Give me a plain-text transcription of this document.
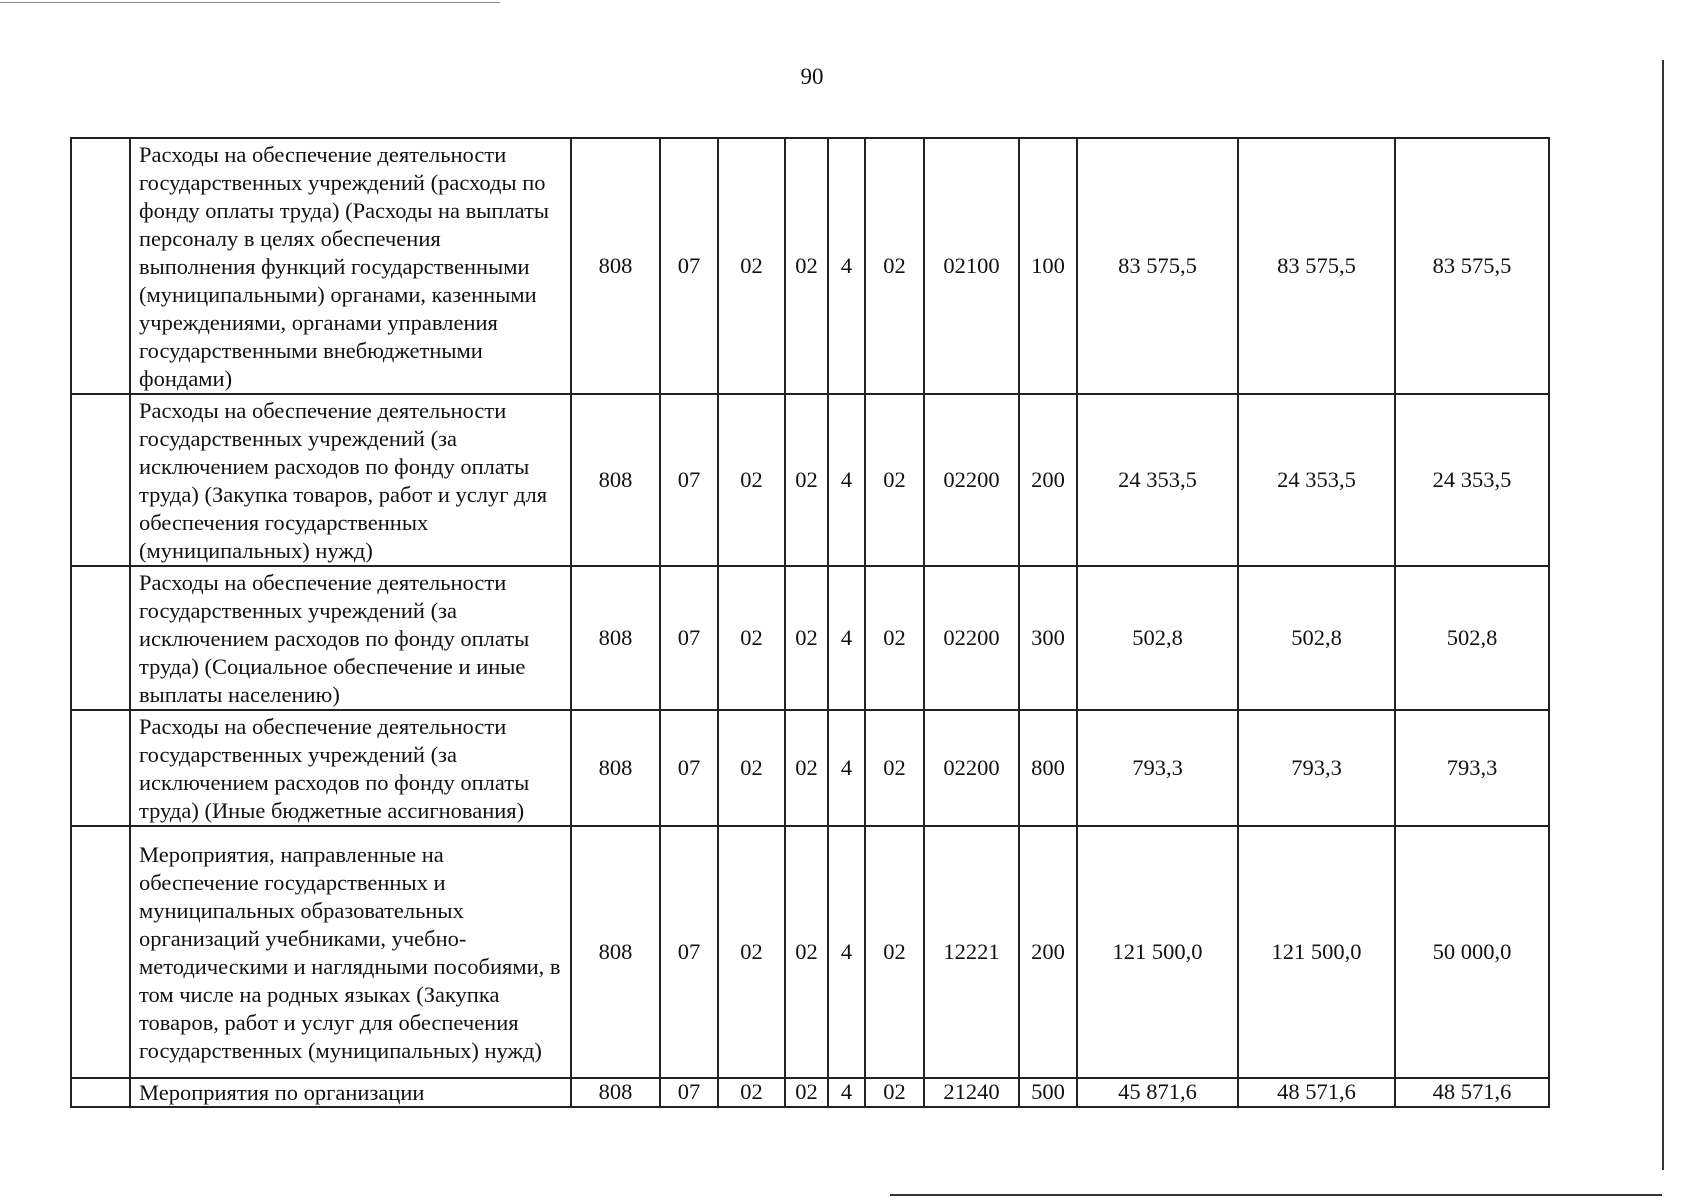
90
	Расходы на обеспечение деятельности государственных учреждений (расходы по фонду оплаты труда) (Расходы на выплаты персоналу в целях обеспечения выполнения функций государственными (муниципальными) органами, казенными учреждениями, органами управления государственными внебюджетными фондами)	808	07	02	02	4	02	02100	100	83 575,5	83 575,5	83 575,5
	Расходы на обеспечение деятельности государственных учреждений (за исключением расходов по фонду оплаты труда) (Закупка товаров, работ и услуг для обеспечения государственных (муниципальных) нужд)	808	07	02	02	4	02	02200	200	24 353,5	24 353,5	24 353,5
	Расходы на обеспечение деятельности государственных учреждений (за исключением расходов по фонду оплаты труда) (Социальное обеспечение и иные выплаты населению)	808	07	02	02	4	02	02200	300	502,8	502,8	502,8
	Расходы на обеспечение деятельности государственных учреждений (за исключением расходов по фонду оплаты труда) (Иные бюджетные ассигнования)	808	07	02	02	4	02	02200	800	793,3	793,3	793,3
	Мероприятия, направленные на обеспечение государственных и муниципальных образовательных организаций учебниками, учебно-методическими и наглядными пособиями, в том числе на родных языках (Закупка товаров, работ и услуг для обеспечения государственных (муниципальных) нужд)	808	07	02	02	4	02	12221	200	121 500,0	121 500,0	50 000,0
	Мероприятия по организации	808	07	02	02	4	02	21240	500	45 871,6	48 571,6	48 571,6
